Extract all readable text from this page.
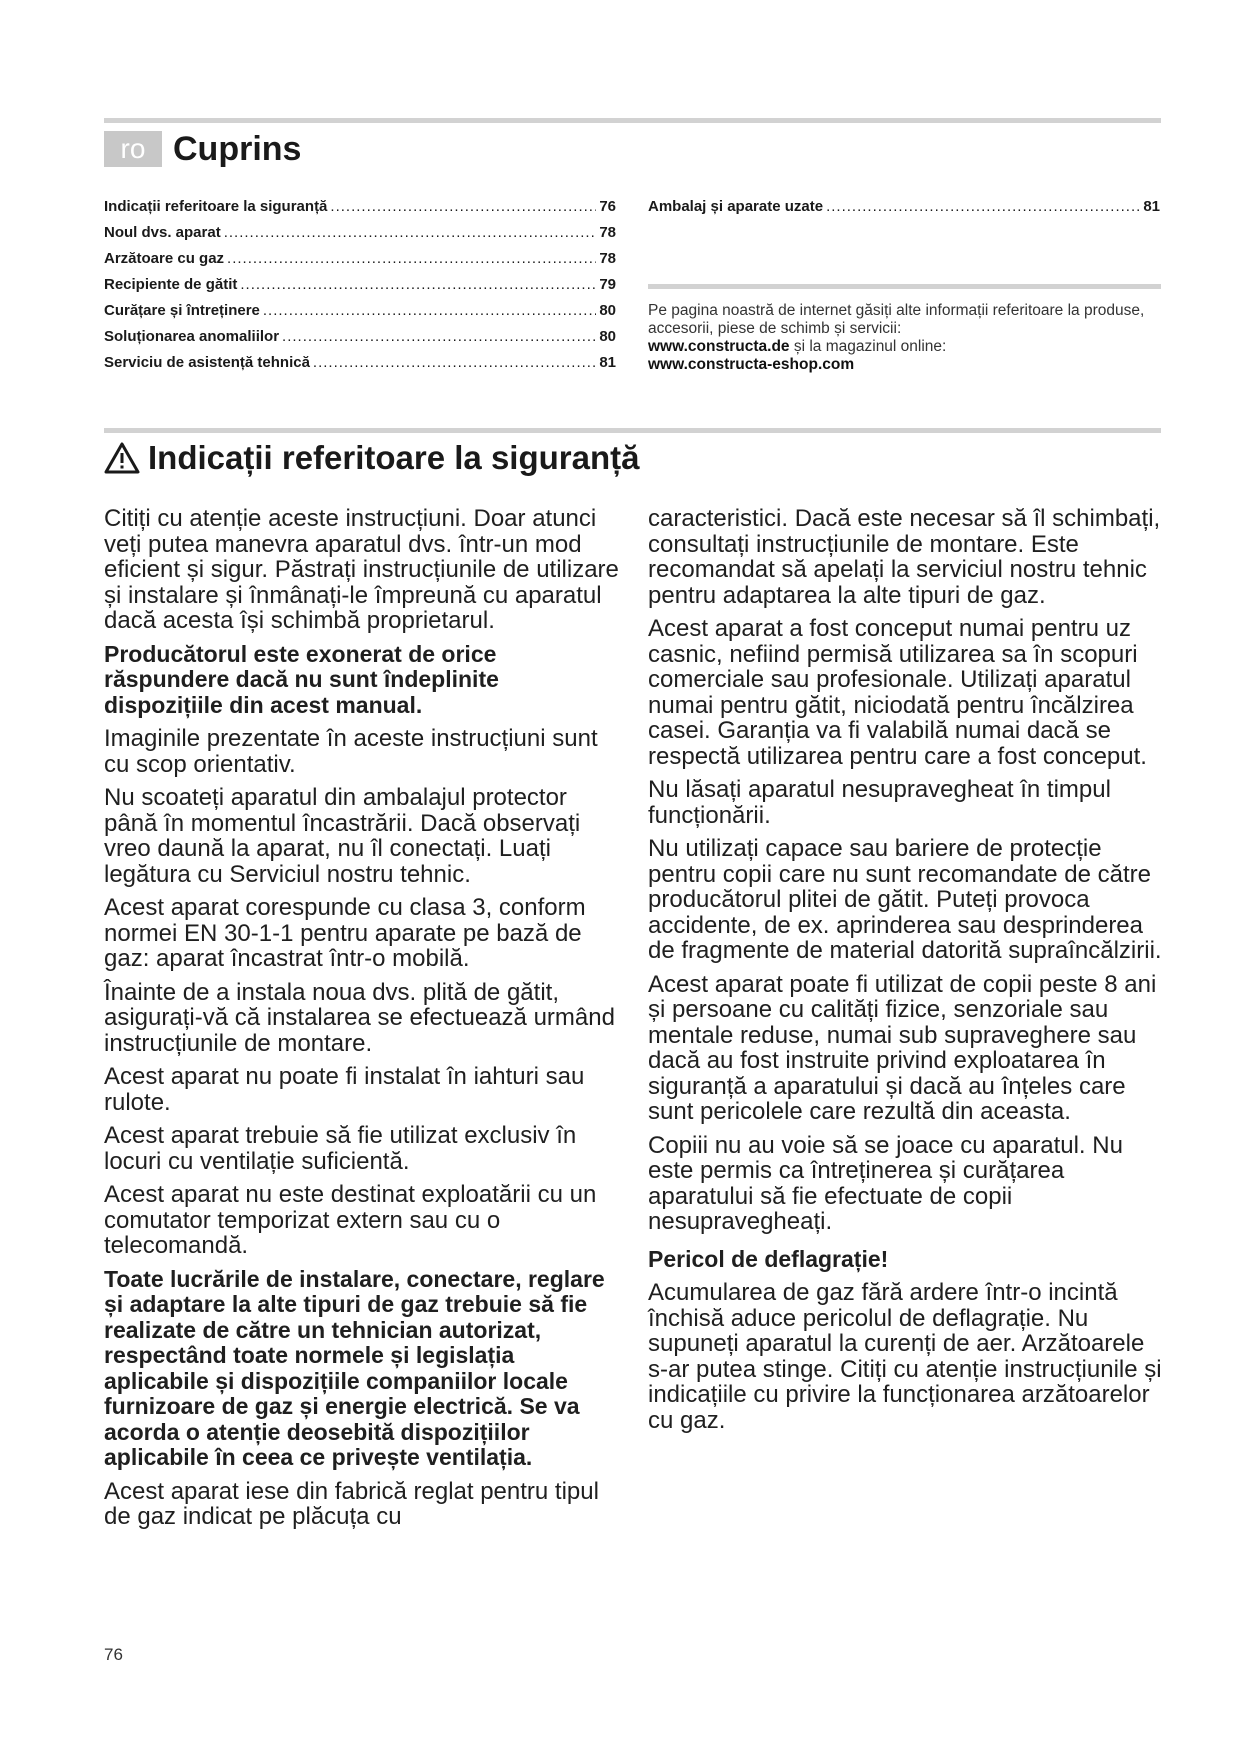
ro Cuprins
Indicații referitoare la siguranță .....	76
Noul dvs. aparat .....	78
Arzătoare cu gaz .....	78
Recipiente de gătit .....	79
Curățare și întreținere .....	80
Soluționarea anomaliilor .....	80
Serviciu de asistență tehnică .....	81
Ambalaj și aparate uzate .....	81
Pe pagina noastră de internet găsiți alte informații referitoare la produse, accesorii, piese de schimb și servicii:
www.constructa.de și la magazinul online:
www.constructa-eshop.com
Indicații referitoare la siguranță

Citiți cu atenție aceste instrucțiuni. Doar atunci veți putea manevra aparatul dvs. într-un mod eficient și sigur. Păstrați instrucțiunile de utilizare și instalare și înmânați-le împreună cu aparatul dacă acesta își schimbă proprietarul.

Producătorul este exonerat de orice răspundere dacă nu sunt îndeplinite dispozițiile din acest manual.

Imaginile prezentate în aceste instrucțiuni sunt cu scop orientativ.

Nu scoateți aparatul din ambalajul protector până în momentul încastrării. Dacă observați vreo daună la aparat, nu îl conectați. Luați legătura cu Serviciul nostru tehnic.

Acest aparat corespunde cu clasa 3, conform normei EN 30-1-1 pentru aparate pe bază de gaz: aparat încastrat într-o mobilă.

Înainte de a instala noua dvs. plită de gătit, asigurați-vă că instalarea se efectuează urmând instrucțiunile de montare.

Acest aparat nu poate fi instalat în iahturi sau rulote.

Acest aparat trebuie să fie utilizat exclusiv în locuri cu ventilație suficientă.

Acest aparat nu este destinat exploatării cu un comutator temporizat extern sau cu o telecomandă.

Toate lucrările de instalare, conectare, reglare și adaptare la alte tipuri de gaz trebuie să fie realizate de către un tehnician autorizat, respectând toate normele și legislația aplicabile și dispozițiile companiilor locale furnizoare de gaz și energie electrică. Se va acorda o atenție deosebită dispozițiilor aplicabile în ceea ce privește ventilația.

Acest aparat iese din fabrică reglat pentru tipul de gaz indicat pe plăcuța cu

caracteristici. Dacă este necesar să îl schimbați, consultați instrucțiunile de montare. Este recomandat să apelați la serviciul nostru tehnic pentru adaptarea la alte tipuri de gaz.

Acest aparat a fost conceput numai pentru uz casnic, nefiind permisă utilizarea sa în scopuri comerciale sau profesionale. Utilizați aparatul numai pentru gătit, niciodată pentru încălzirea casei. Garanția va fi valabilă numai dacă se respectă utilizarea pentru care a fost conceput.

Nu lăsați aparatul nesupravegheat în timpul funcționării.

Nu utilizați capace sau bariere de protecție pentru copii care nu sunt recomandate de către producătorul plitei de gătit. Puteți provoca accidente, de ex. aprinderea sau desprinderea de fragmente de material datorită supraîncălzirii.

Acest aparat poate fi utilizat de copii peste 8 ani și persoane cu calități fizice, senzoriale sau mentale reduse, numai sub supraveghere sau dacă au fost instruite privind exploatarea în siguranță a aparatului și dacă au înțeles care sunt pericolele care rezultă din aceasta.

Copiii nu au voie să se joace cu aparatul. Nu este permis ca întreținerea și curățarea aparatului să fie efectuate de copii nesupravegheați.

Pericol de deflagrație!

Acumularea de gaz fără ardere într-o incintă închisă aduce pericolul de deflagrație. Nu supuneți aparatul la curenți de aer. Arzătoarele s-ar putea stinge. Citiți cu atenție instrucțiunile și indicațiile cu privire la funcționarea arzătoarelor cu gaz.

76
